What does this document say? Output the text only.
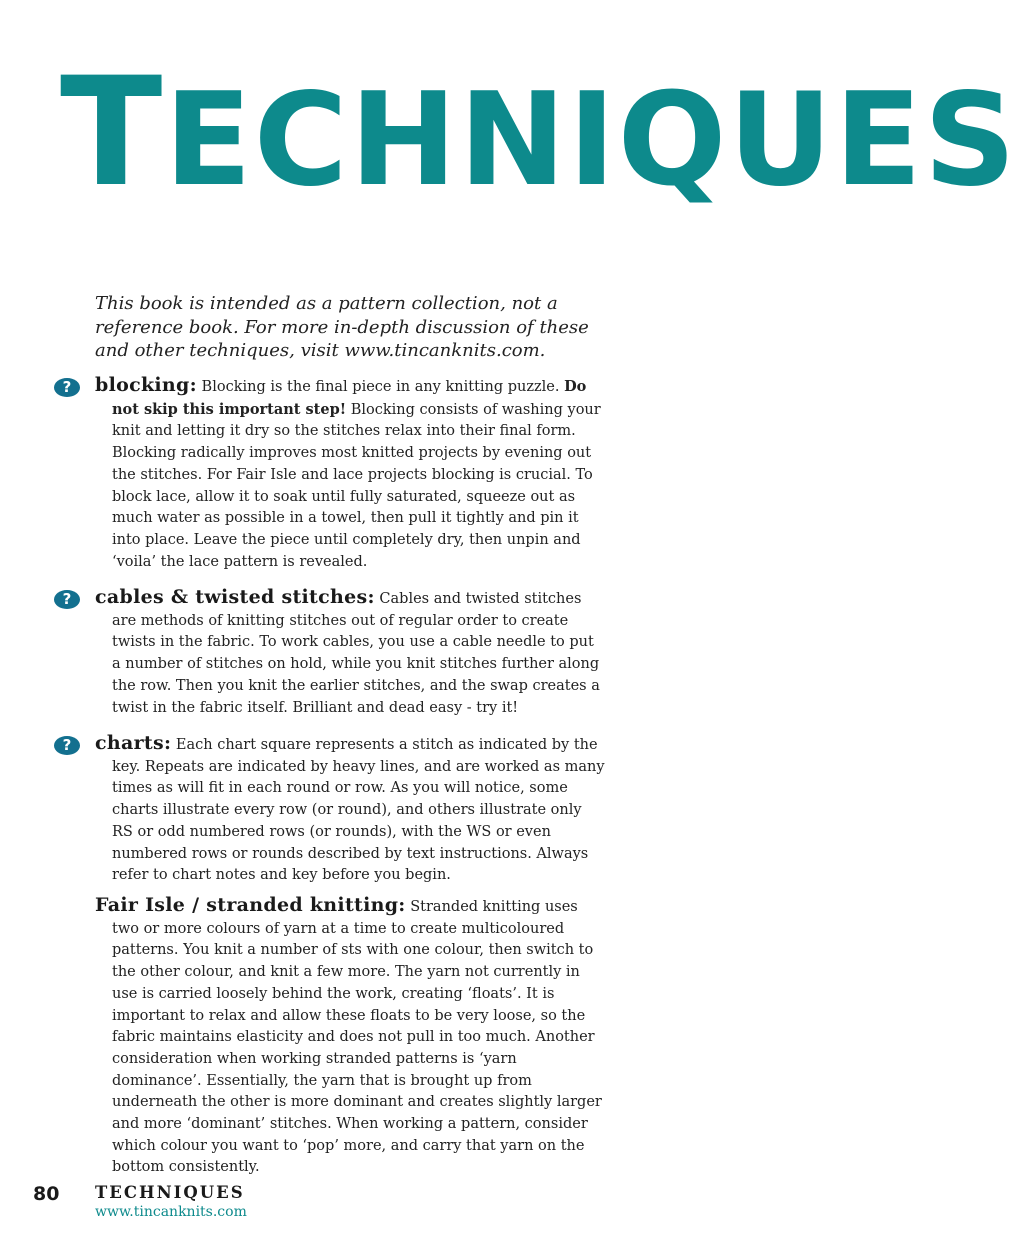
TECHNIQUES

This book is intended as a pattern collection, not a reference book. For more in-depth discussion of these and other techniques, visit www.tincanknits.com.

?	blocking: Blocking is the final piece in any knitting puzzle. Do not skip this important step! Blocking consists of washing your knit and letting it dry so the stitches relax into their final form. Blocking radically improves most knitted projects by evening out the stitches. For Fair Isle and lace projects blocking is crucial. To block lace, allow it to soak until fully saturated, squeeze out as much water as possible in a towel, then pull it tightly and pin it into place. Leave the piece until completely dry, then unpin and ‘voila’ the lace pattern is revealed.

?	cables & twisted stitches: Cables and twisted stitches are methods of knitting stitches out of regular order to create twists in the fabric. To work cables, you use a cable needle to put a number of stitches on hold, while you knit stitches further along the row. Then you knit the earlier stitches, and the swap creates a twist in the fabric itself. Brilliant and dead easy - try it!

?	charts: Each chart square represents a stitch as indicated by the key. Repeats are indicated by heavy lines, and are worked as many times as will fit in each round or row. As you will notice, some charts illustrate every row (or round), and others illustrate only RS or odd numbered rows (or rounds), with the WS or even numbered rows or rounds described by text instructions. Always refer to chart notes and key before you begin.

Fair Isle / stranded knitting: Stranded knitting uses two or more colours of yarn at a time to create multicoloured patterns. You knit a number of sts with one colour, then switch to the other colour, and knit a few more. The yarn not currently in use is carried loosely behind the work, creating ‘floats’. It is important to relax and allow these floats to be very loose, so the fabric maintains elasticity and does not pull in too much. Another consideration when working stranded patterns is ‘yarn dominance’. Essentially, the yarn that is brought up from underneath the other is more dominant and creates slightly larger and more ‘dominant’ stitches. When working a pattern, consider which colour you want to ‘pop’ more, and carry that yarn on the bottom consistently.

80 TECHNIQUES
www.tincanknits.com
